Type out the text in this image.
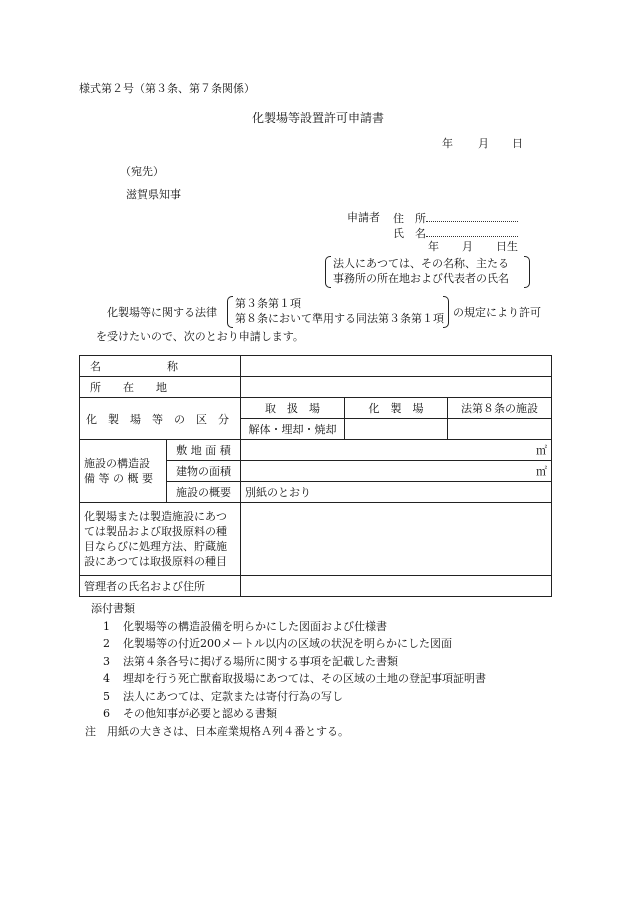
様式第２号（第３条、第７条関係）
化製場等設置許可申請書
年 月 日
（宛先）
滋賀県知事
申請者 住　所
氏　名
年 月 日生
法人にあつては、その名称、主たる
事務所の所在地および代表者の氏名
化製場等に関する法律
第３条第１項
第８条において準用する同法第３条第１項 の規定により許可
を受けたいので、次のとおり申請します。
名　　　　　　称				
所　　在　　地				
化　製　場　等　の　区　分		取　扱　場	化　製　場	法第８条の施設
		解体・埋却・焼却		

施設の構造設
備 等 の 概 要	敷 地 面 積	㎡		
	建物の面積	㎡		
	施設の概要	別紙のとおり		
化製場または製造施設にあつては製品および取扱原料の種目ならびに処理方法、貯蔵施設にあつては取扱原料の種目				
管理者の氏名および住所				
添付書類
1 化製場等の構造設備を明らかにした図面および仕様書
2 化製場等の付近200メートル以内の区域の状況を明らかにした図面
3 法第４条各号に掲げる場所に関する事項を記載した書類
4 埋却を行う死亡獣畜取扱場にあつては、その区域の土地の登記事項証明書
5 法人にあつては、定款または寄付行為の写し
6 その他知事が必要と認める書類
注　 用紙の大きさは、日本産業規格Ａ列４番とする。
